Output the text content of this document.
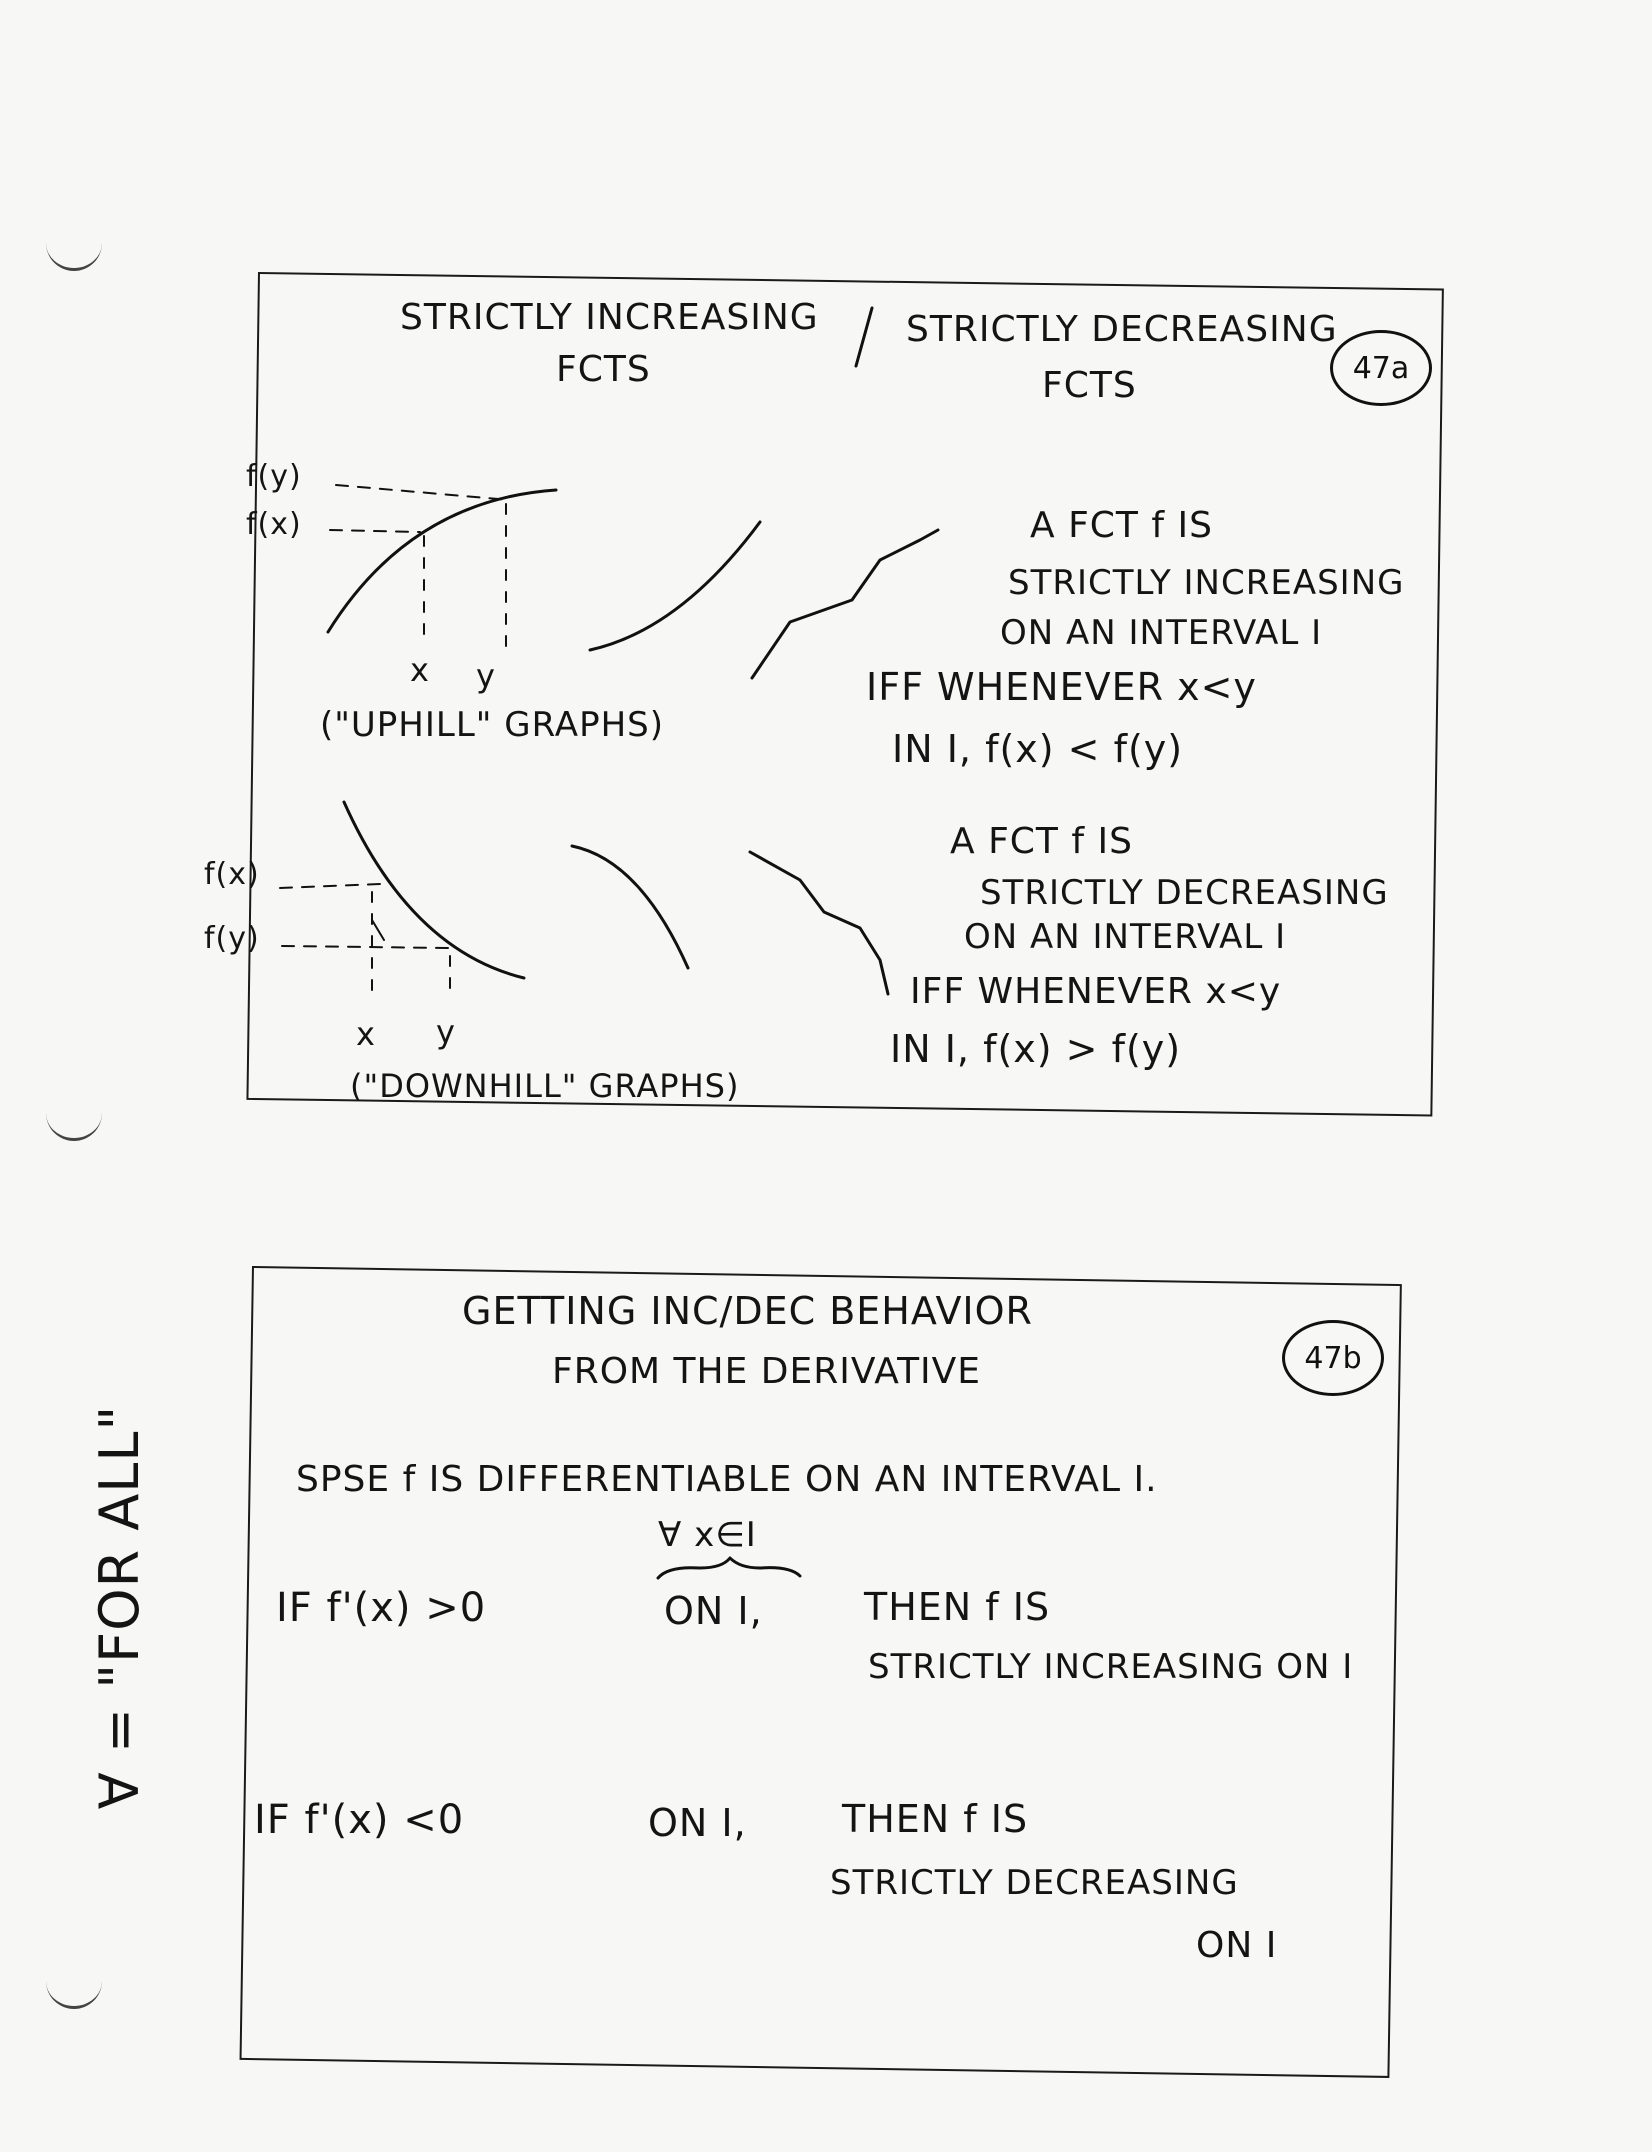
∀ = "FOR ALL"
STRICTLY INCREASING
FCTS
STRICTLY DECREASING
FCTS	47a
f(y)
f(x)
x y
("UPHILL" GRAPHS)
f(x)
f(y)
x y
("DOWNHILL" GRAPHS)
A FCT f IS
STRICTLY INCREASING
ON AN INTERVAL I
IFF WHENEVER x<y
IN I, f(x) < f(y)
A FCT f IS
STRICTLY DECREASING
ON AN INTERVAL I
IFF WHENEVER x<y
IN I, f(x) > f(y)
GETTING INC/DEC BEHAVIOR
FROM THE DERIVATIVE	47b
SPSE f IS DIFFERENTIABLE ON AN INTERVAL I.
∀ x∈I
IF f'(x) >0	ON I,	THEN f IS
STRICTLY INCREASING ON I
IF f'(x) <0	ON I,	THEN f IS
STRICTLY DECREASING
ON I
